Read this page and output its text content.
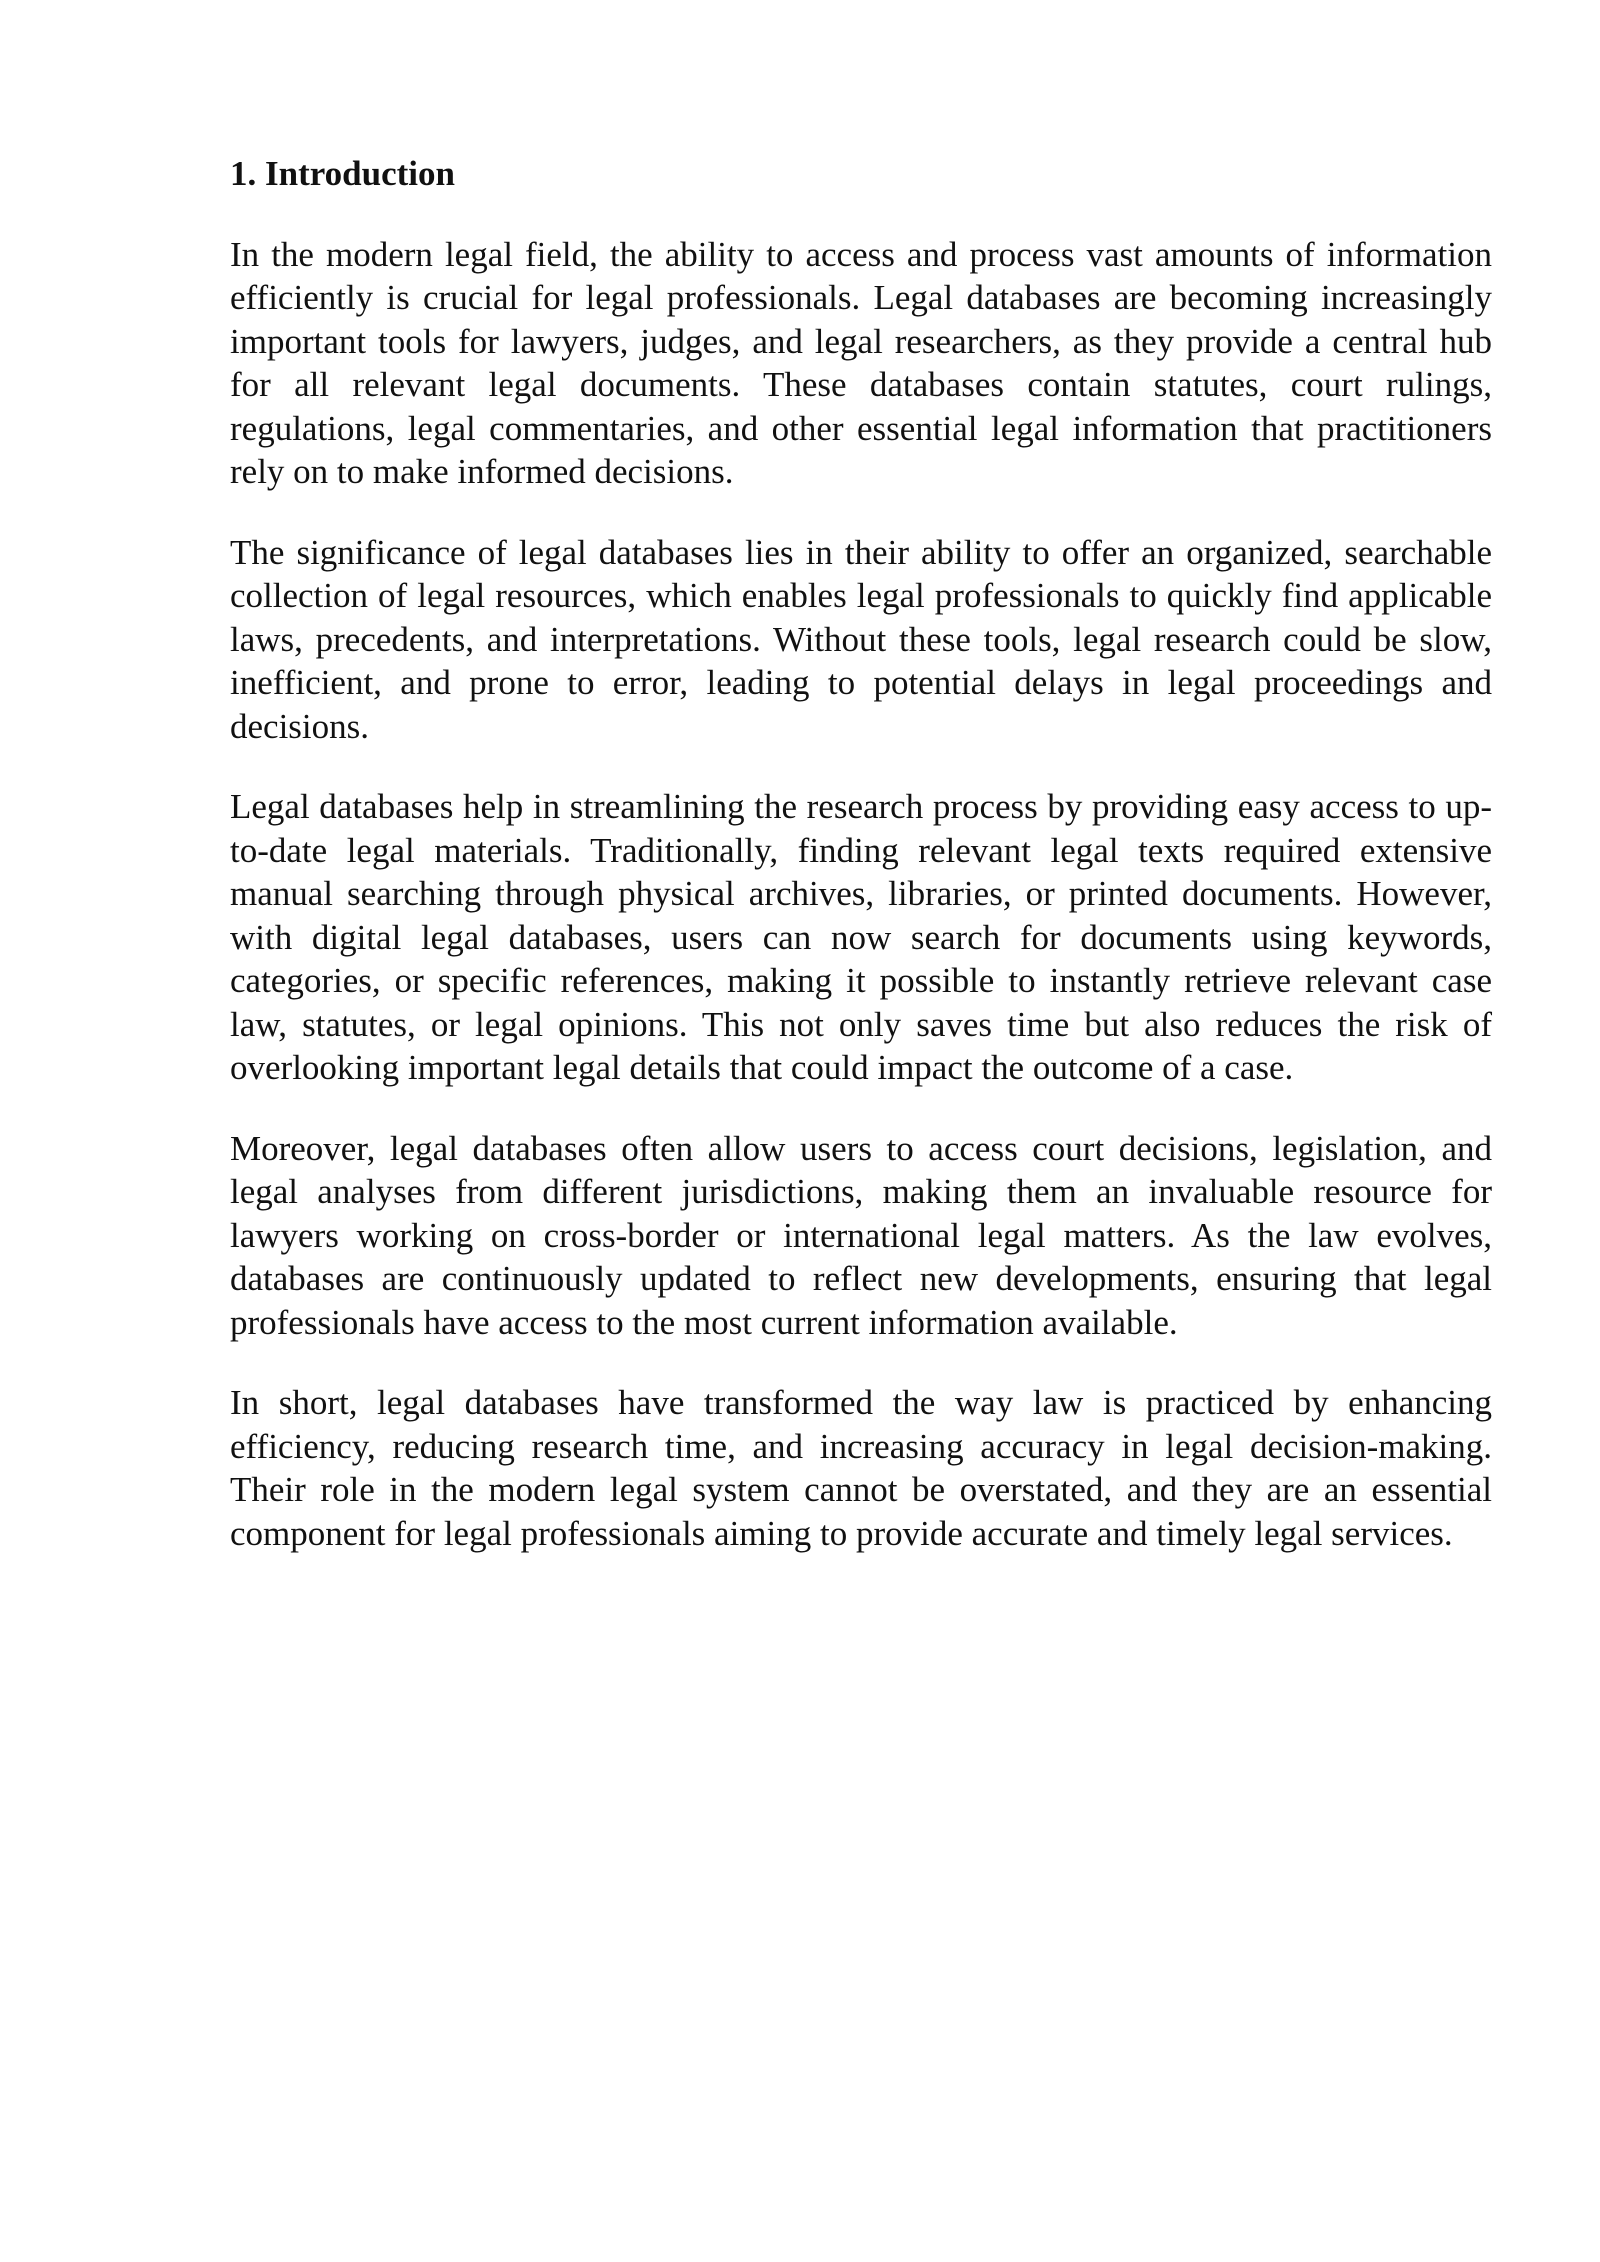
1. Introduction

In the modern legal field, the ability to access and process vast amounts of information efficiently is crucial for legal professionals. Legal databases are becoming increasingly important tools for lawyers, judges, and legal researchers, as they provide a central hub for all relevant legal documents. These databases contain statutes, court rulings, regulations, legal commentaries, and other essential legal information that practitioners rely on to make informed decisions.

The significance of legal databases lies in their ability to offer an organized, searchable collection of legal resources, which enables legal professionals to quickly find applicable laws, precedents, and interpretations. Without these tools, legal research could be slow, inefficient, and prone to error, leading to potential delays in legal proceedings and decisions.

Legal databases help in streamlining the research process by providing easy access to up-to-date legal materials. Traditionally, finding relevant legal texts required extensive manual searching through physical archives, libraries, or printed documents. However, with digital legal databases, users can now search for documents using keywords, categories, or specific references, making it possible to instantly retrieve relevant case law, statutes, or legal opinions. This not only saves time but also reduces the risk of overlooking important legal details that could impact the outcome of a case.

Moreover, legal databases often allow users to access court decisions, legislation, and legal analyses from different jurisdictions, making them an invaluable resource for lawyers working on cross-border or international legal matters. As the law evolves, databases are continuously updated to reflect new developments, ensuring that legal professionals have access to the most current information available.

In short, legal databases have transformed the way law is practiced by enhancing efficiency, reducing research time, and increasing accuracy in legal decision-making. Their role in the modern legal system cannot be overstated, and they are an essential component for legal professionals aiming to provide accurate and timely legal services.
